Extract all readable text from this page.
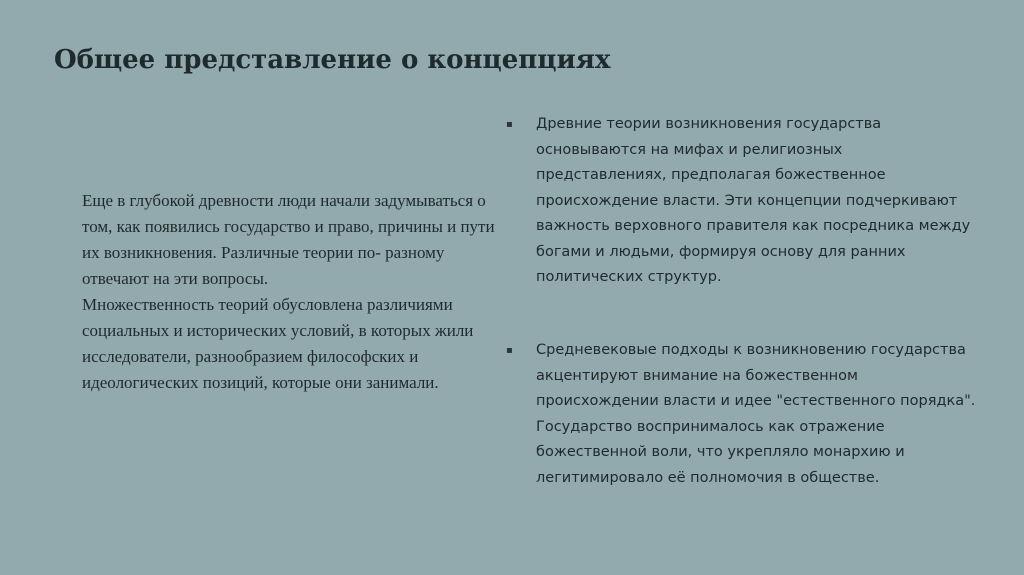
Общее представление о концепциях

Еще в глубокой древности люди начали задумываться о том, как появились государство и право, причины и пути их возникновения. Различные теории по‑ разному отвечают на эти вопросы.

Множественность теорий обусловлена различиями социальных и исторических условий, в которых жили исследователи, разнообразием философских и идеологических позиций, которые они занимали.

▪	Древние теории возникновения государства основываются на мифах и религиозных представлениях, предполагая божественное происхождение власти. Эти концепции подчеркивают важность верховного правителя как посредника между богами и людьми, формируя основу для ранних политических структур.
▪	Средневековые подходы к возникновению государства акцентируют внимание на божественном происхождении власти и идее "естественного порядка". Государство воспринималось как отражение божественной воли, что укрепляло монархию и легитимировало её полномочия в обществе.
